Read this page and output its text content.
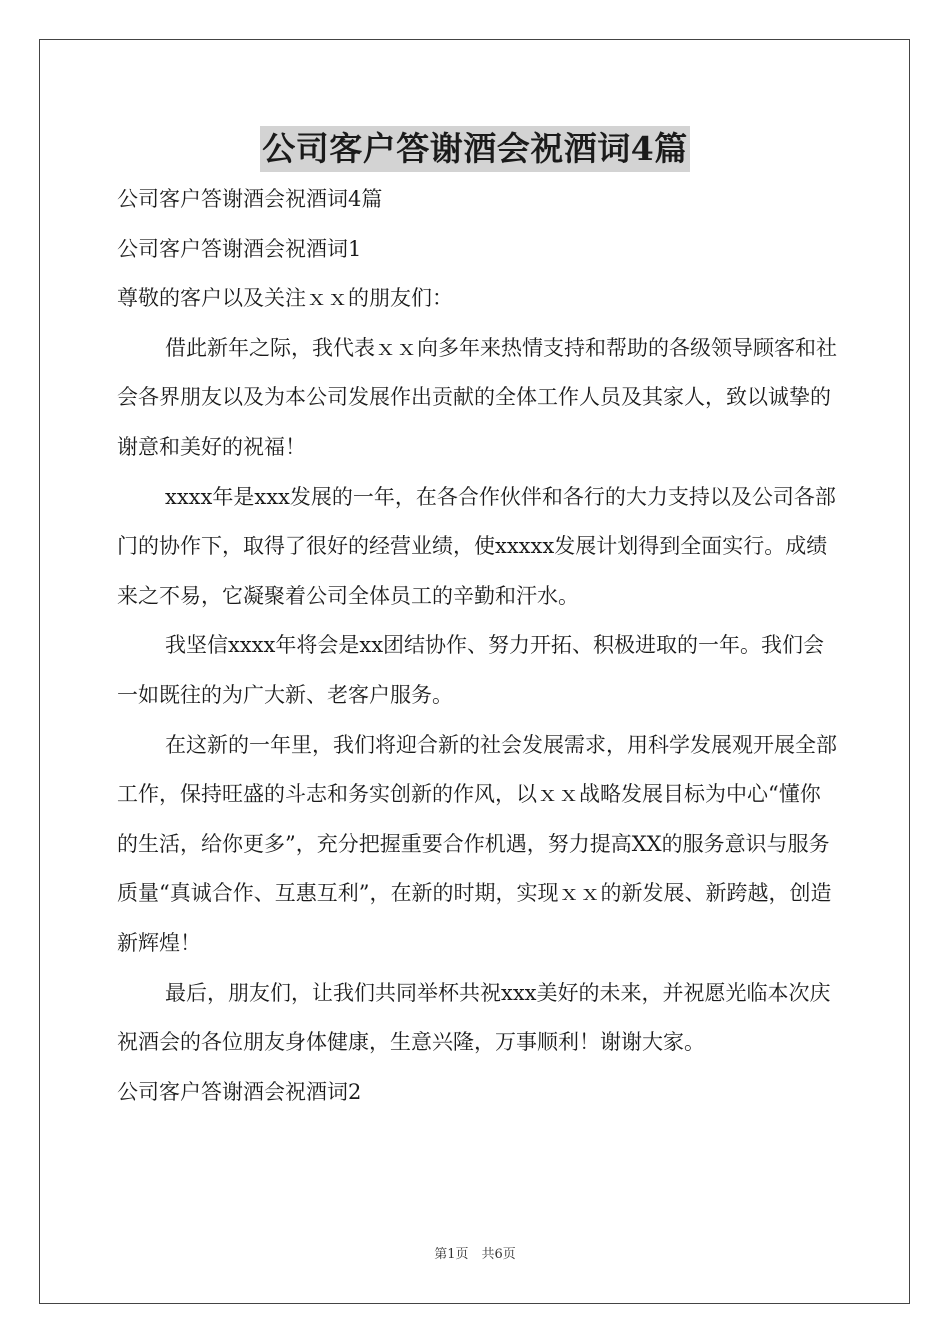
公司客户答谢酒会祝酒词4篇

公司客户答谢酒会祝酒词4篇

公司客户答谢酒会祝酒词1

尊敬的客户以及关注ｘｘ的朋友们：

借此新年之际，我代表ｘｘ向多年来热情支持和帮助的各级领导顾客和社会各界朋友以及为本公司发展作出贡献的全体工作人员及其家人，致以诚挚的谢意和美好的祝福！

xxxx年是xxx发展的一年，在各合作伙伴和各行的大力支持以及公司各部门的协作下，取得了很好的经营业绩，使xxxxx发展计划得到全面实行。成绩来之不易，它凝聚着公司全体员工的辛勤和汗水。

我坚信xxxx年将会是xx团结协作、努力开拓、积极进取的一年。我们会一如既往的为广大新、老客户服务。

在这新的一年里，我们将迎合新的社会发展需求，用科学发展观开展全部工作，保持旺盛的斗志和务实创新的作风，以ｘｘ战略发展目标为中心“懂你的生活，给你更多”，充分把握重要合作机遇，努力提高XX的服务意识与服务质量“真诚合作、互惠互利”，在新的时期，实现ｘｘ的新发展、新跨越，创造新辉煌！

最后，朋友们，让我们共同举杯共祝xxx美好的未来，并祝愿光临本次庆祝酒会的各位朋友身体健康，生意兴隆，万事顺利！谢谢大家。

公司客户答谢酒会祝酒词2

第1页　共6页
